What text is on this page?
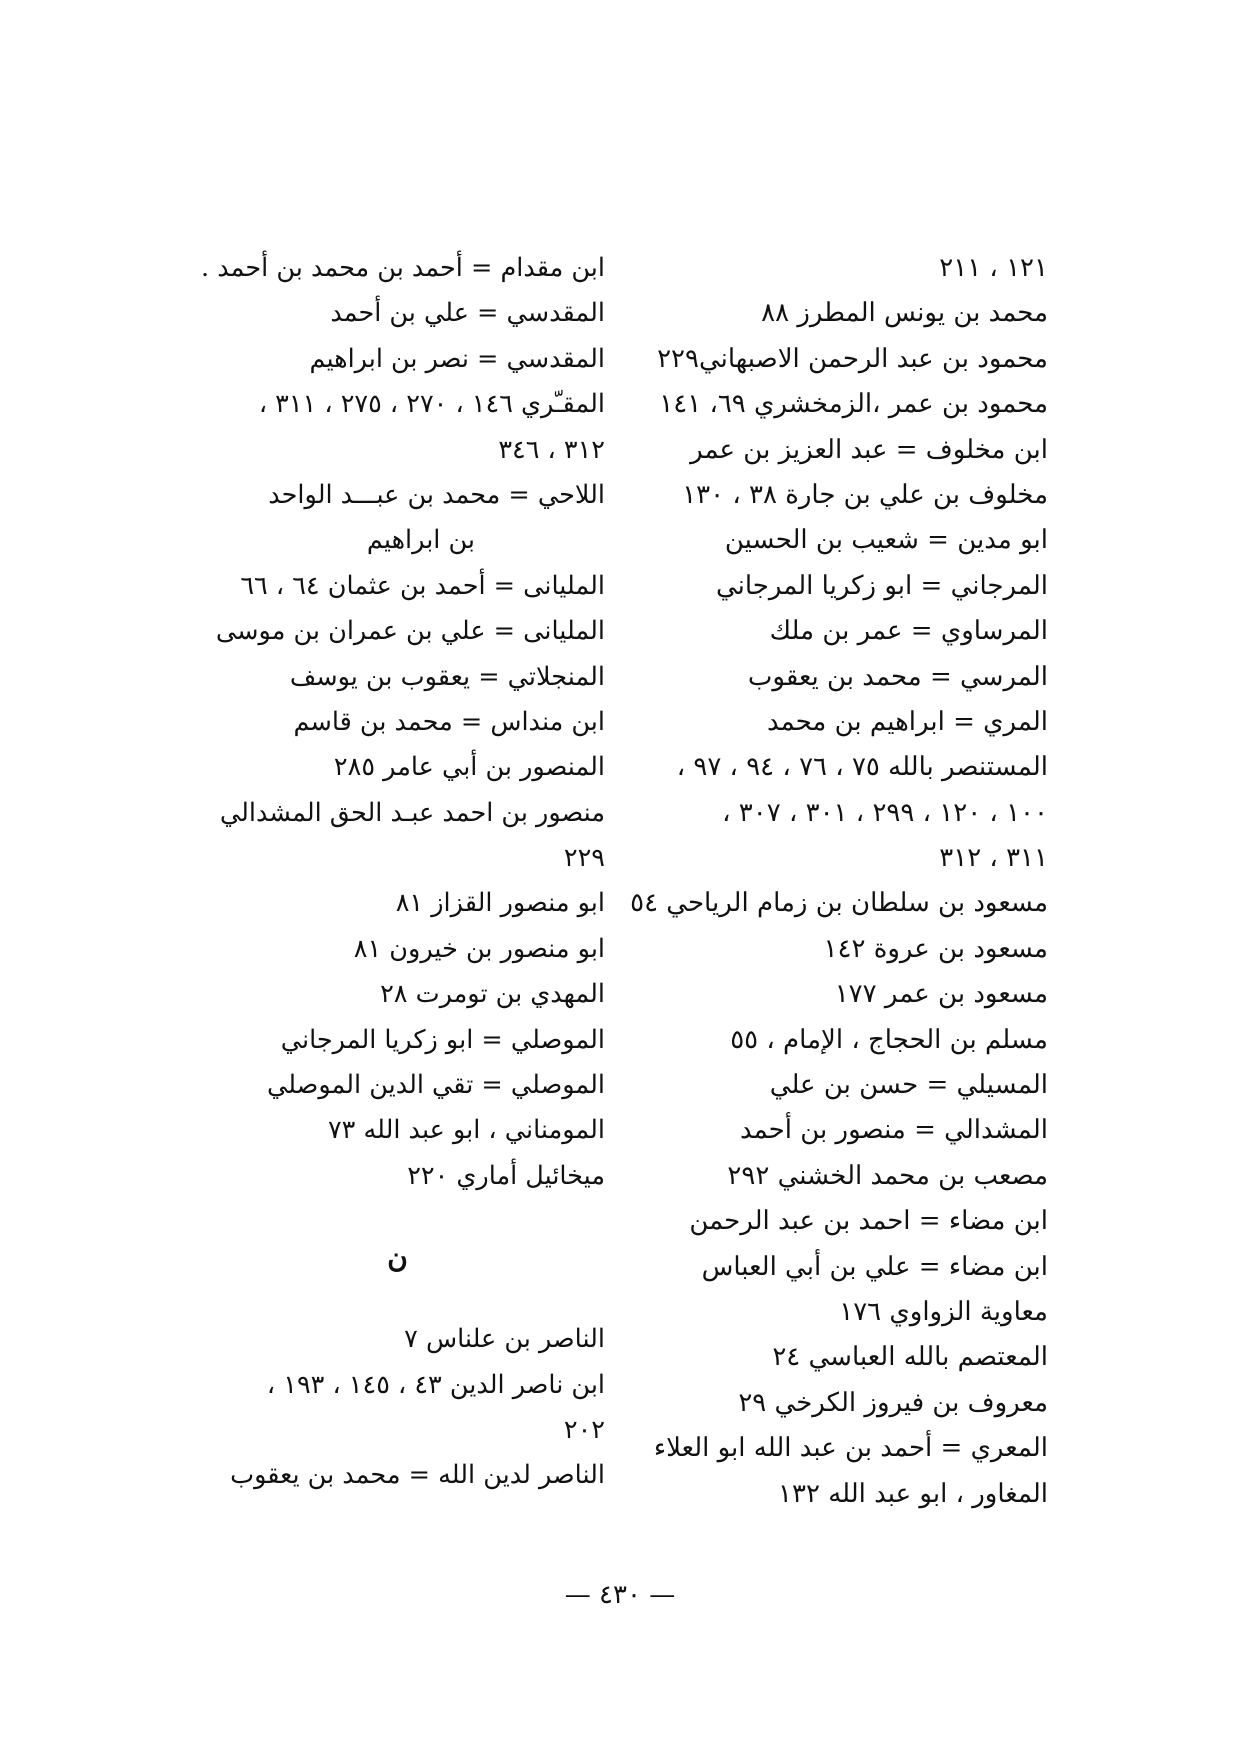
١٢١ ، ٢١١
محمد بن يونس المطرز ٨٨
محمود بن عبد الرحمن الاصبهاني٢٢٩
محمود بن عمر ،الزمخشري ٦٩، ١٤١
ابن مخلوف = عبد العزيز بن عمر
مخلوف بن علي بن جارة ٣٨ ، ١٣٠
ابو مدين = شعيب بن الحسين
المرجاني = ابو زكريا المرجاني
المرساوي = عمر بن ملك
المرسي = محمد بن يعقوب
المري = ابراهيم بن محمد
المستنصر بالله ٧٥ ، ٧٦ ، ٩٤ ، ٩٧ ،
١٠٠ ، ١٢٠ ، ٢٩٩ ، ٣٠١ ، ٣٠٧ ،
٣١١ ، ٣١٢
مسعود بن سلطان بن زمام الرياحي ٥٤
مسعود بن عروة ١٤٢
مسعود بن عمر ١٧٧
مسلم بن الحجاج ، الإمام ، ٥٥
المسيلي = حسن بن علي
المشدالي = منصور بن أحمد
مصعب بن محمد الخشني ٢٩٢
ابن مضاء = احمد بن عبد الرحمن
ابن مضاء = علي بن أبي العباس
معاوية الزواوي ١٧٦
المعتصم بالله العباسي ٢٤
معروف بن فيروز الكرخي ٢٩
المعري = أحمد بن عبد الله ابو العلاء
المغاور ، ابو عبد الله ١٣٢
ابن مقدام = أحمد بن محمد بن أحمد .
المقدسي = علي بن أحمد
المقدسي = نصر بن ابراهيم
المقـّري ١٤٦ ، ٢٧٠ ، ٢٧٥ ، ٣١١ ،
٣١٢ ، ٣٤٦
اللاحي = محمد بن عبـــد الواحد
بن ابراهيم
المليانى = أحمد بن عثمان ٦٤ ، ٦٦
المليانى = علي بن عمران بن موسى
المنجلاتي = يعقوب بن يوسف
ابن منداس = محمد بن قاسم
المنصور بن أبي عامر ٢٨٥
منصور بن احمد عبـد الحق المشدالي
٢٢٩
ابو منصور القزاز ٨١
ابو منصور بن خيرون ٨١
المهدي بن تومرت ٢٨
الموصلي = ابو زكريا المرجاني
الموصلي = تقي الدين الموصلي
المومناني ، ابو عبد الله ٧٣
ميخائيل أماري ٢٢٠
ن
الناصر بن علناس ٧
ابن ناصر الدين ٤٣ ، ١٤٥ ، ١٩٣ ،
٢٠٢
الناصر لدين الله = محمد بن يعقوب
— ٤٣٠ —
